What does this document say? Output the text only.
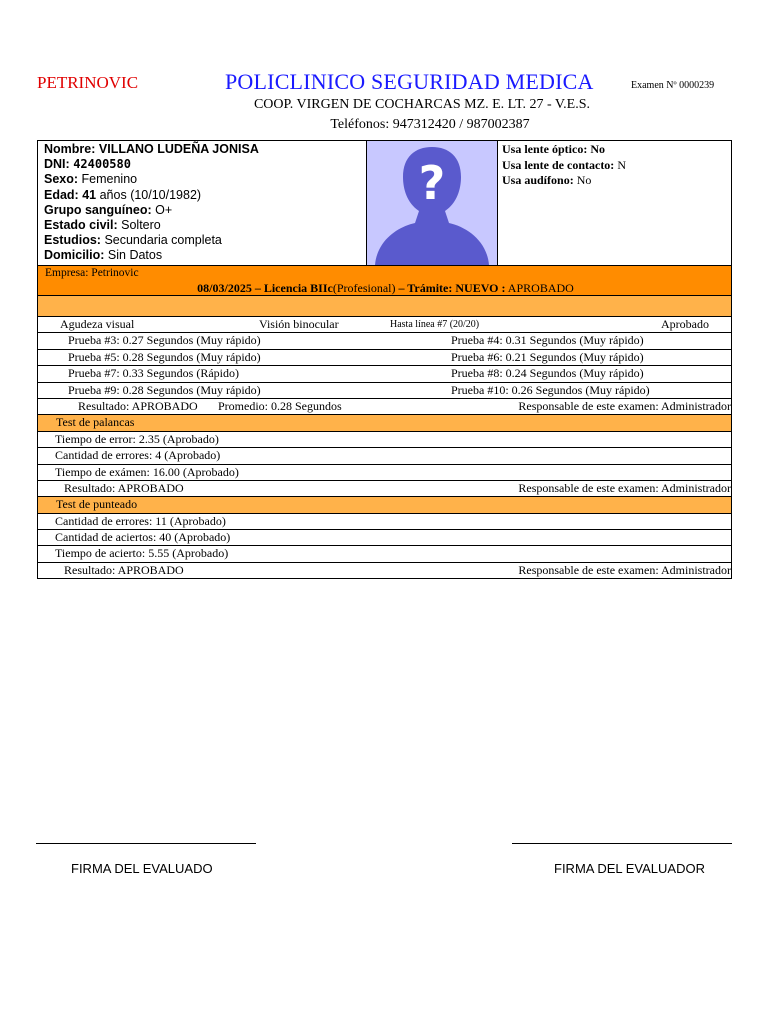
PETRINOVIC	POLICLINICO SEGURIDAD MEDICA	Examen Nº 0000239
COOP. VIRGEN DE COCHARCAS MZ. E. LT. 27 - V.E.S.
Teléfonos: 947312420 / 987002387
Nombre: VILLANO LUDEÑA JONISA
DNI: 42400580
Sexo: Femenino
Edad: 41 años (10/10/1982)
Grupo sanguíneo: O+
Estado civil: Soltero
Estudios: Secundaria completa
Domicilio: Sin Datos
?
Usa lente óptico: No
Usa lente de contacto: N
Usa audífono: No
Empresa: Petrinovic
08/03/2025 – Licencia BIIc(Profesional) – Trámite: NUEVO : APROBADO
Agudeza visual	Visión binocular	Hasta línea #7 (20/20)	Aprobado
Prueba #3: 0.27 Segundos (Muy rápido)	Prueba #4: 0.31 Segundos (Muy rápido)
Prueba #5: 0.28 Segundos (Muy rápido)	Prueba #6: 0.21 Segundos (Muy rápido)
Prueba #7: 0.33 Segundos (Rápido)	Prueba #8: 0.24 Segundos (Muy rápido)
Prueba #9: 0.28 Segundos (Muy rápido)	Prueba #10: 0.26 Segundos (Muy rápido)
Resultado: APROBADO Promedio: 0.28 Segundos	Responsable de este examen: Administrador
Test de palancas
Tiempo de error: 2.35 (Aprobado)
Cantidad de errores: 4 (Aprobado)
Tiempo de exámen: 16.00 (Aprobado)
Resultado: APROBADO	Responsable de este examen: Administrador
Test de punteado
Cantidad de errores: 11 (Aprobado)
Cantidad de aciertos: 40 (Aprobado)
Tiempo de acierto: 5.55 (Aprobado)
Resultado: APROBADO	Responsable de este examen: Administrador
FIRMA DEL EVALUADO	FIRMA DEL EVALUADOR
